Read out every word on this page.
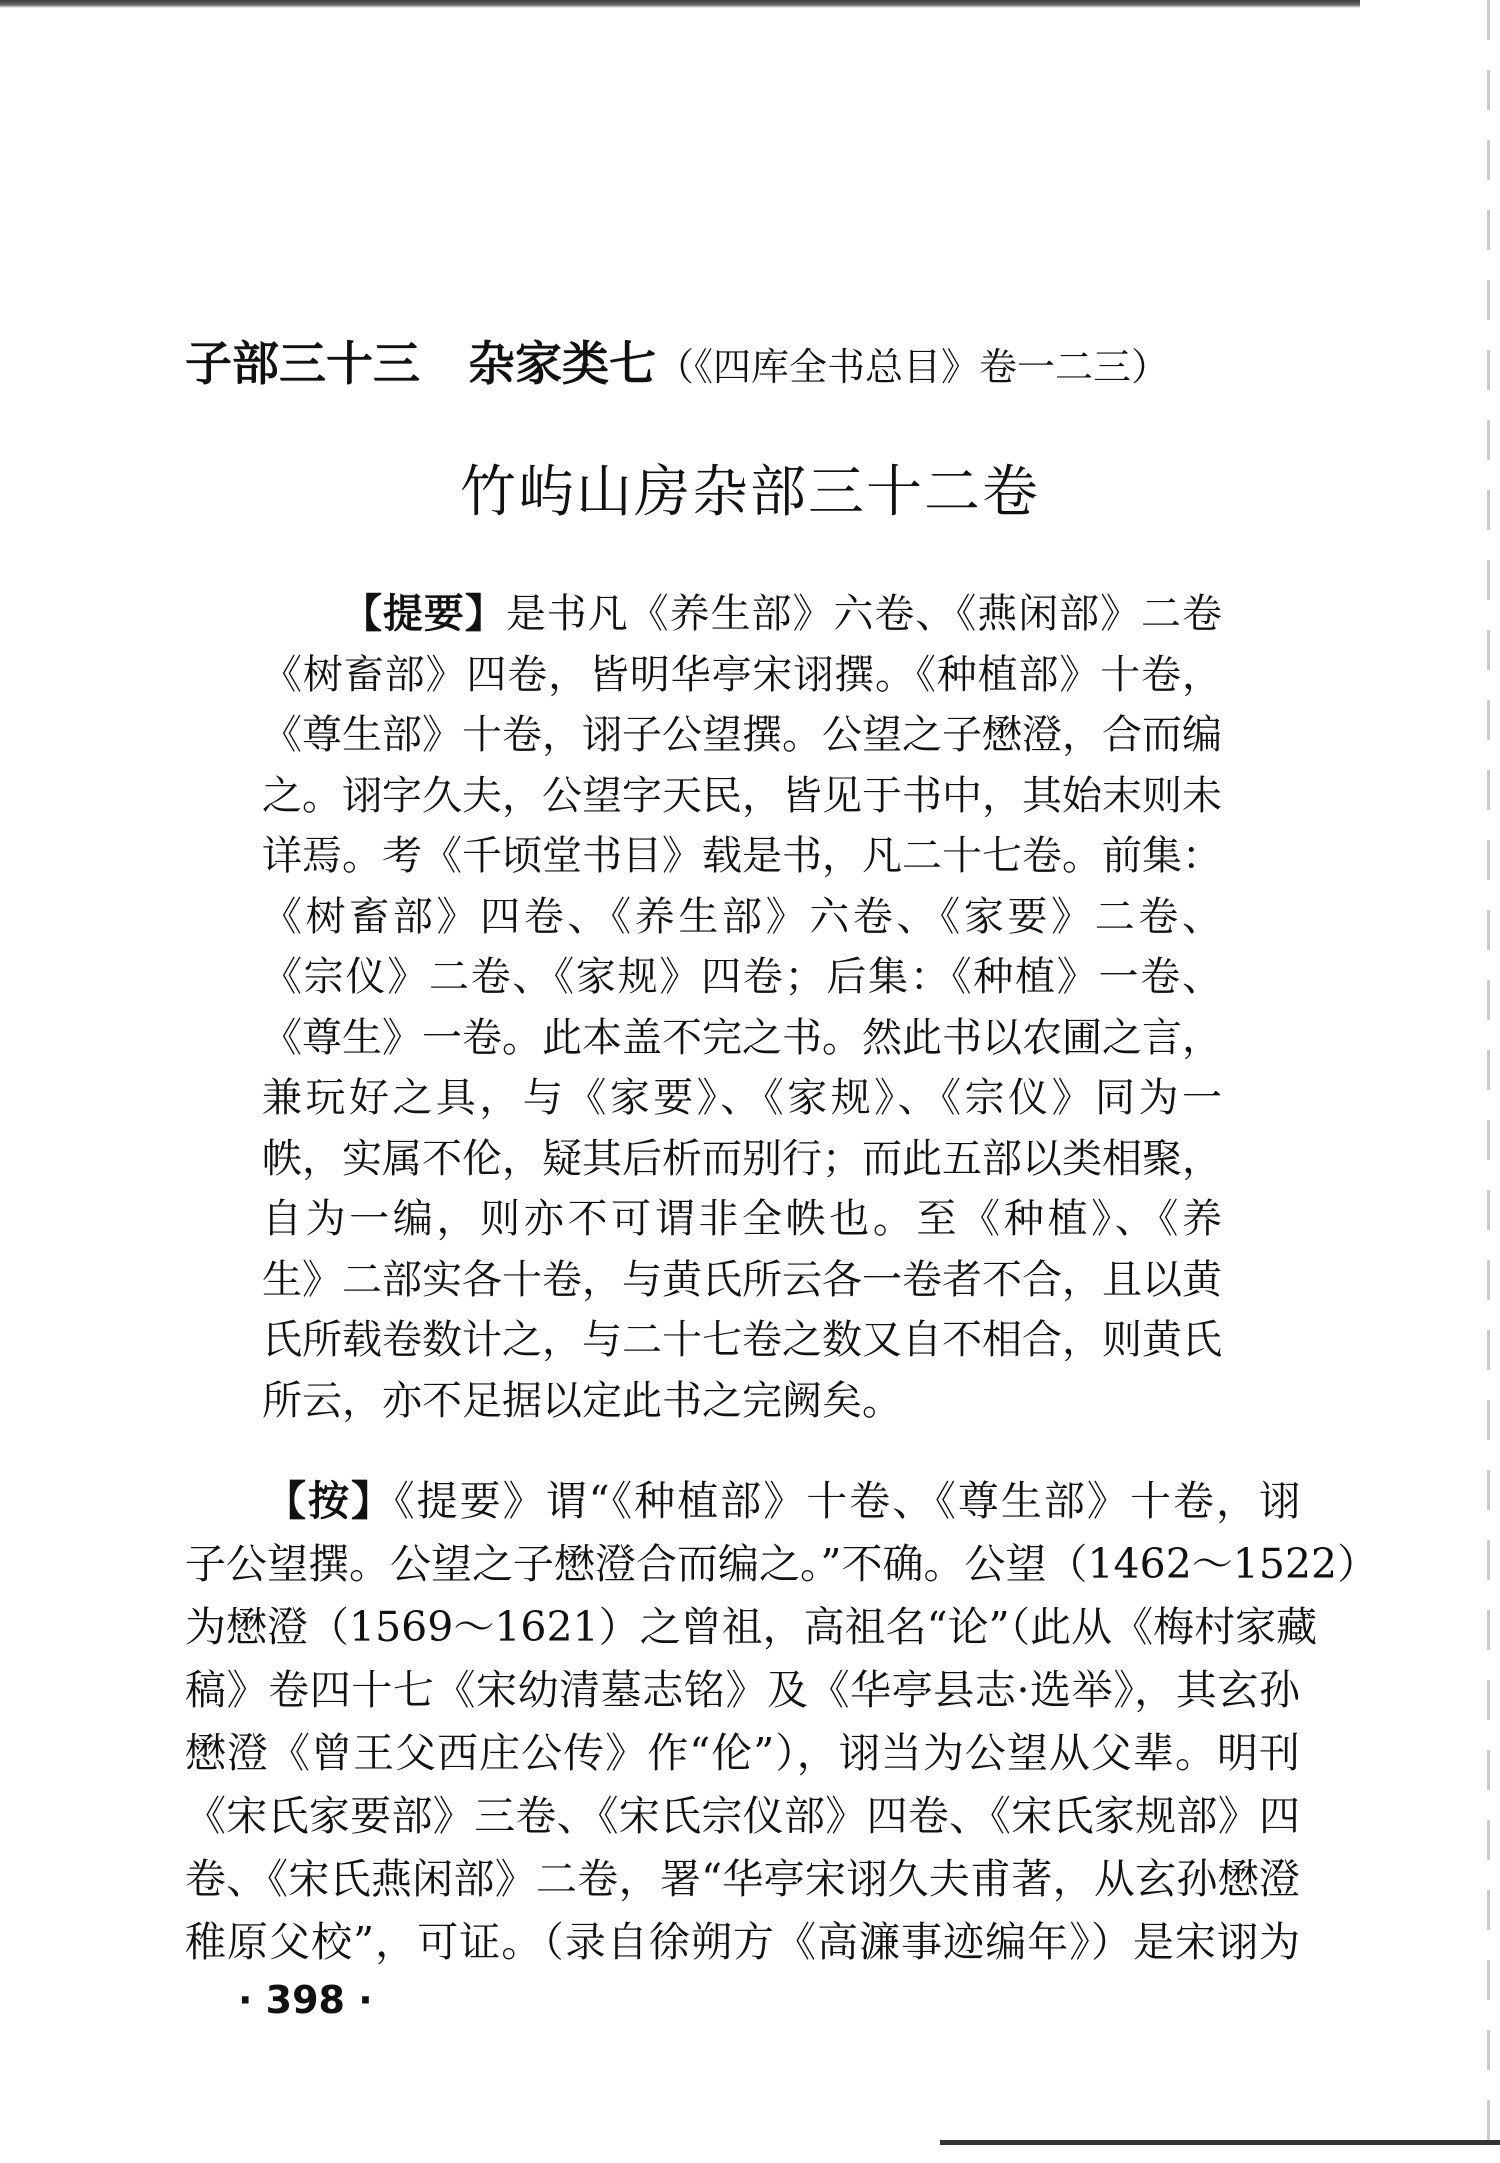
子部三十三 杂家类七（《四库全书总目》卷一二三）
竹屿山房杂部三十二卷
【提要】是书凡《养生部》六卷、《燕闲部》二卷
《树畜部》四卷，皆明华亭宋诩撰。《种植部》十卷，
《尊生部》十卷，诩子公望撰。公望之子懋澄，合而编
之。诩字久夫，公望字天民，皆见于书中，其始末则未
详焉。考《千顷堂书目》载是书，凡二十七卷。前集：
《树畜部》四卷、《养生部》六卷、《家要》二卷、
《宗仪》二卷、《家规》四卷；后集：《种植》一卷、
《尊生》一卷。此本盖不完之书。然此书以农圃之言，
兼玩好之具，与《家要》、《家规》、《宗仪》同为一
帙，实属不伦，疑其后析而别行；而此五部以类相聚，
自为一编，则亦不可谓非全帙也。至《种植》、《养
生》二部实各十卷，与黄氏所云各一卷者不合，且以黄
氏所载卷数计之，与二十七卷之数又自不相合，则黄氏
所云，亦不足据以定此书之完阙矣。
【按】《提要》谓“《种植部》十卷、《尊生部》十卷，诩
子公望撰。公望之子懋澄合而编之。”不确。公望（1462～1522）
为懋澄（1569～1621）之曾祖，高祖名“论”（此从《梅村家藏
稿》卷四十七《宋幼清墓志铭》及《华亭县志·选举》，其玄孙
懋澄《曾王父西庄公传》作“伦”），诩当为公望从父辈。明刊
《宋氏家要部》三卷、《宋氏宗仪部》四卷、《宋氏家规部》四
卷、《宋氏燕闲部》二卷，署“华亭宋诩久夫甫著，从玄孙懋澄
稚原父校”，可证。（录自徐朔方《高濂事迹编年》）是宋诩为
· 398 ·
